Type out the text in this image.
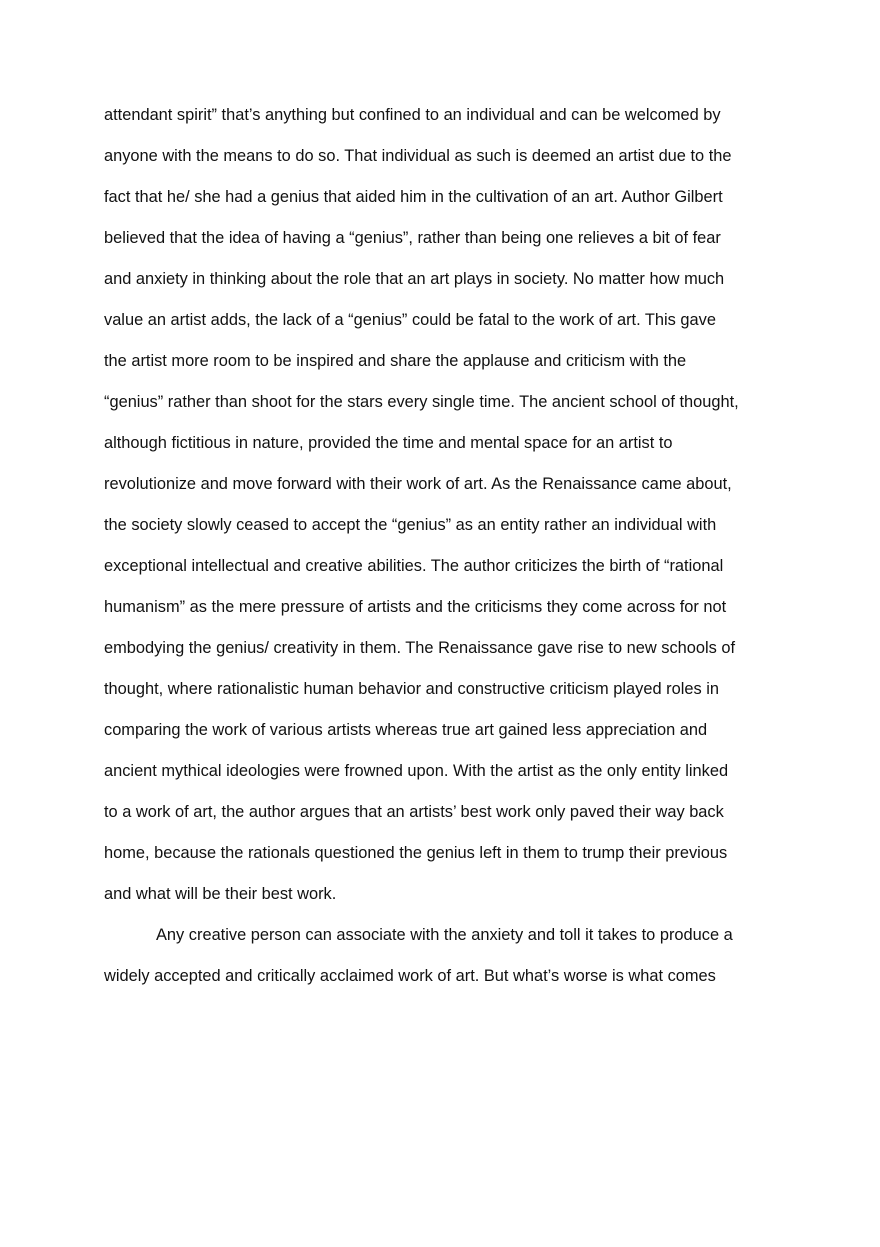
attendant spirit” that’s anything but confined to an individual and can be welcomed by

anyone with the means to do so. That individual as such is deemed an artist due to the

fact that he/ she had a genius that aided him in the cultivation of an art. Author Gilbert

believed that the idea of having a “genius”, rather than being one relieves a bit of fear

and anxiety in thinking about the role that an art plays in society. No matter how much

value an artist adds, the lack of a “genius” could be fatal to the work of art. This gave

the artist more room to be inspired and share the applause and criticism with the

“genius” rather than shoot for the stars every single time. The ancient school of thought,

although fictitious in nature, provided the time and mental space for an artist to

revolutionize and move forward with their work of art. As the Renaissance came about,

the society slowly ceased to accept the “genius” as an entity rather an individual with

exceptional intellectual and creative abilities. The author criticizes the birth of “rational

humanism” as the mere pressure of artists and the criticisms they come across for not

embodying the genius/ creativity in them. The Renaissance gave rise to new schools of

thought, where rationalistic human behavior and constructive criticism played roles in

comparing the work of various artists whereas true art gained less appreciation and

ancient mythical ideologies were frowned upon. With the artist as the only entity linked

to a work of art, the author argues that an artists’ best work only paved their way back

home, because the rationals questioned the genius left in them to trump their previous

and what will be their best work.

Any creative person can associate with the anxiety and toll it takes to produce a

widely accepted and critically acclaimed work of art. But what’s worse is what comes
